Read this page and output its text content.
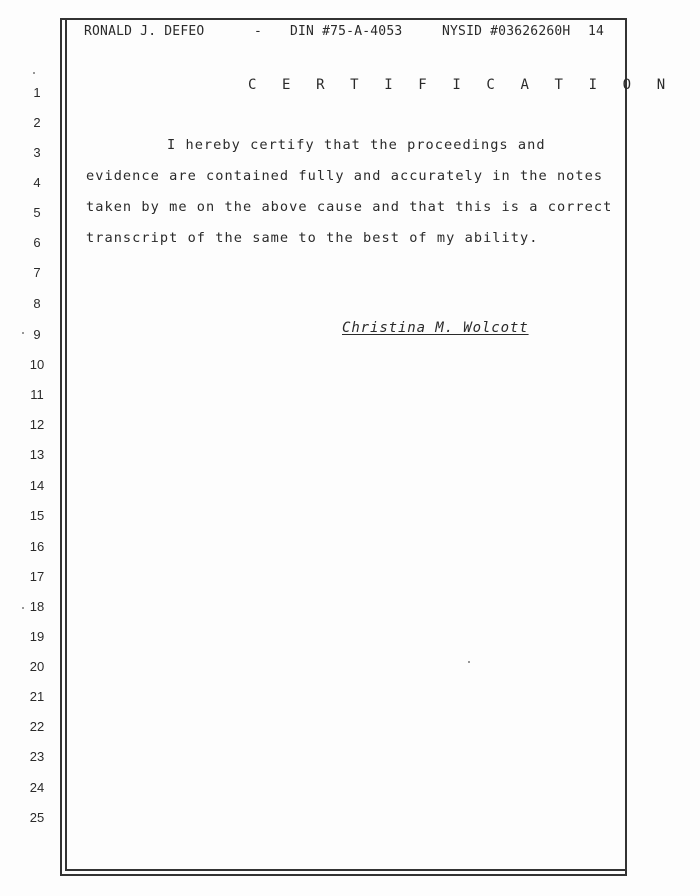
RONALD J. DEFEO	- DIN #75-A-4053	NYSID #03626260H 14
1
2
3
4
5
6
7
8
9
10
11
12
13
14
15
16
17
18
19
20
21
22
23
24
25
C E R T I F I C A T I O N
I hereby certify that the proceedings and
evidence are contained fully and accurately in the notes
taken by me on the above cause and that this is a correct
transcript of the same to the best of my ability.
Christina M. Wolcott
